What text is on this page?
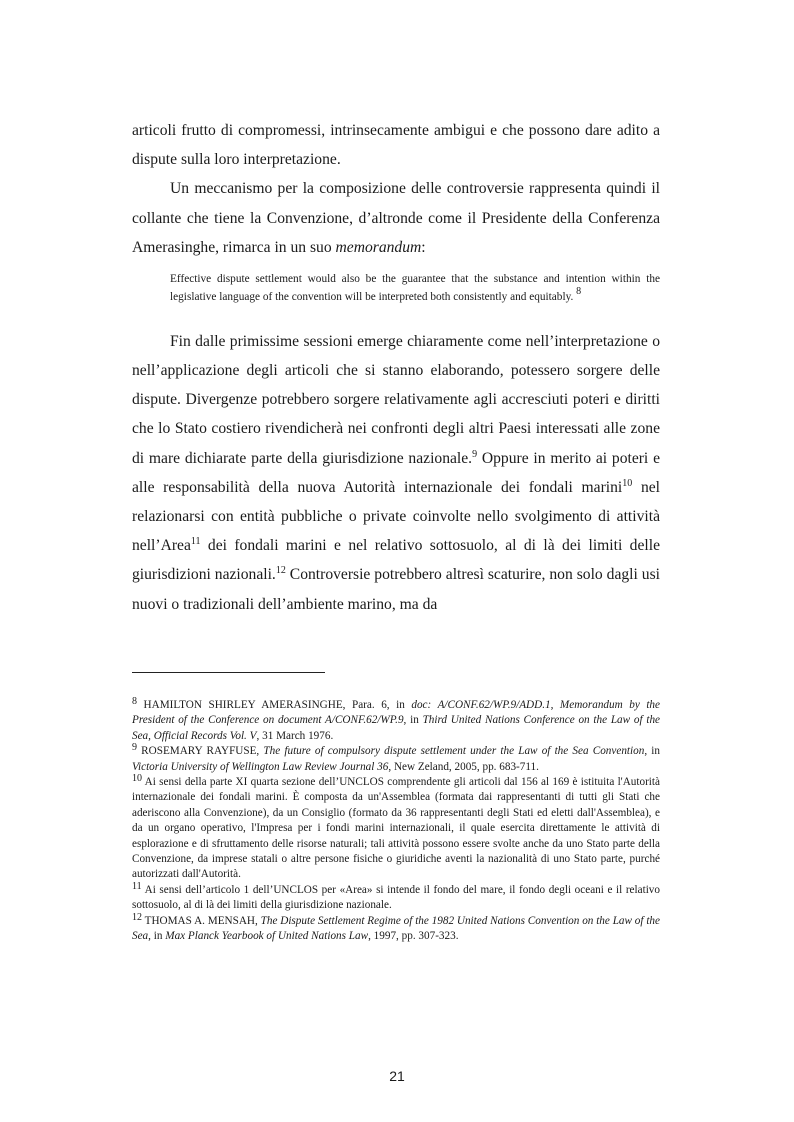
articoli frutto di compromessi, intrinsecamente ambigui e che possono dare adito a dispute sulla loro interpretazione.

Un meccanismo per la composizione delle controversie rappresenta quindi il collante che tiene la Convenzione, d’altronde come il Presidente della Conferenza Amerasinghe, rimarca in un suo memorandum:

Effective dispute settlement would also be the guarantee that the substance and intention within the legislative language of the convention will be interpreted both consistently and equitably. 8

Fin dalle primissime sessioni emerge chiaramente come nell’interpretazione o nell’applicazione degli articoli che si stanno elaborando, potessero sorgere delle dispute. Divergenze potrebbero sorgere relativamente agli accresciuti poteri e diritti che lo Stato costiero rivendicherà nei confronti degli altri Paesi interessati alle zone di mare dichiarate parte della giurisdizione nazionale.$^9$ Oppure in merito ai poteri e alle responsabilità della nuova Autorità internazionale dei fondali marini$^{10}$ nel relazionarsi con entità pubbliche o private coinvolte nello svolgimento di attività nell’Area$^{11}$ dei fondali marini e nel relativo sottosuolo, al di là dei limiti delle giurisdizioni nazionali.$^{12}$ Controversie potrebbero altresì scaturire, non solo dagli usi nuovi o tradizionali dell’ambiente marino, ma da

8 HAMILTON SHIRLEY AMERASINGHE, Para. 6, in doc: A/CONF.62/WP.9/ADD.1, Memorandum by the President of the Conference on document A/CONF.62/WP.9, in Third United Nations Conference on the Law of the Sea, Official Records Vol. V, 31 March 1976.

9 ROSEMARY RAYFUSE, The future of compulsory dispute settlement under the Law of the Sea Convention, in Victoria University of Wellington Law Review Journal 36, New Zeland, 2005, pp. 683-711.

10 Ai sensi della parte XI quarta sezione dell’UNCLOS comprendente gli articoli dal 156 al 169 è istituita l'Autorità internazionale dei fondali marini. È composta da un'Assemblea (formata dai rappresentanti di tutti gli Stati che aderiscono alla Convenzione), da un Consiglio (formato da 36 rappresentanti degli Stati ed eletti dall'Assemblea), e da un organo operativo, l'Impresa per i fondi marini internazionali, il quale esercita direttamente le attività di esplorazione e di sfruttamento delle risorse naturali; tali attività possono essere svolte anche da uno Stato parte della Convenzione, da imprese statali o altre persone fisiche o giuridiche aventi la nazionalità di uno Stato parte, purché autorizzati dall'Autorità.

11 Ai sensi dell’articolo 1 dell’UNCLOS per «Area» si intende il fondo del mare, il fondo degli oceani e il relativo sottosuolo, al di là dei limiti della giurisdizione nazionale.

12 THOMAS A. MENSAH, The Dispute Settlement Regime of the 1982 United Nations Convention on the Law of the Sea, in Max Planck Yearbook of United Nations Law, 1997, pp. 307-323.

21
